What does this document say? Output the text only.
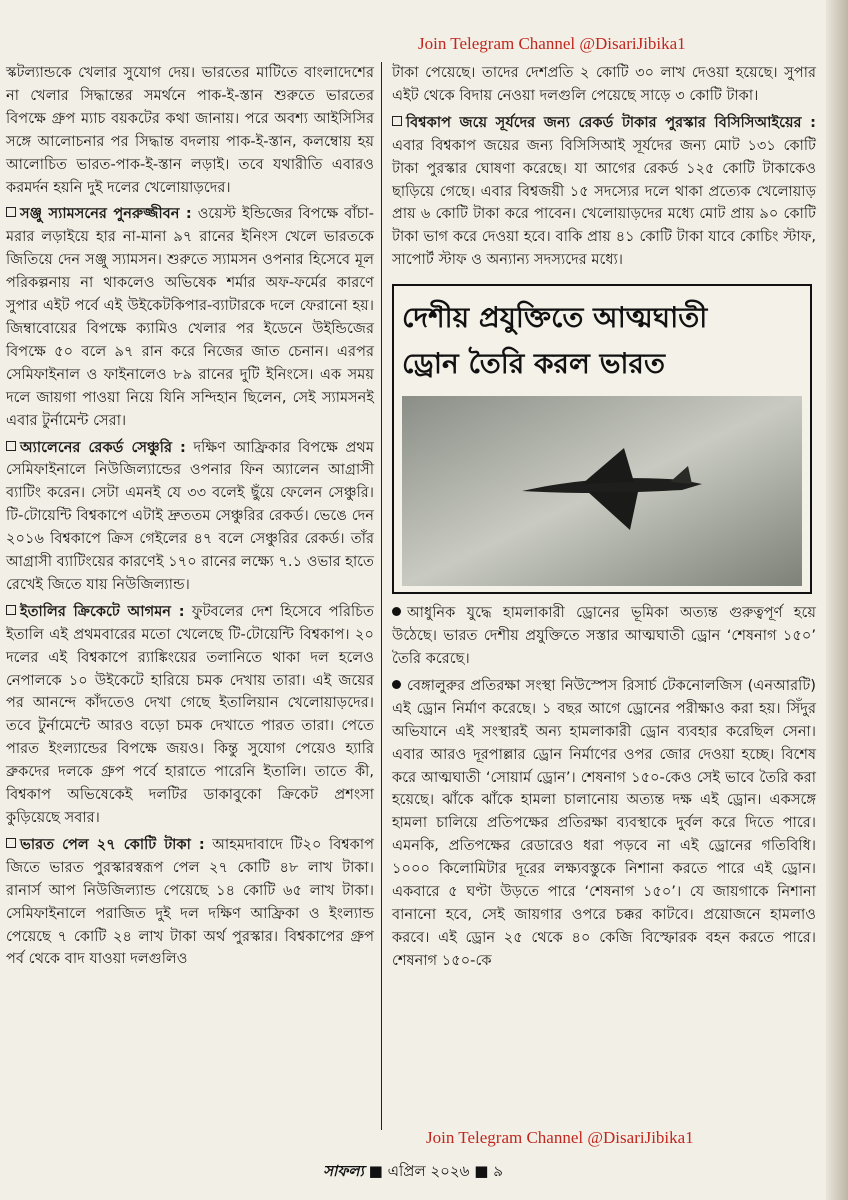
Join Telegram Channel @DisariJibika1

স্কটল্যান্ডকে খেলার সুযোগ দেয়। ভারতের মাটিতে বাংলাদেশের না খেলার সিদ্ধান্তের সমর্থনে পাক-ই-স্তান শুরুতে ভারতের বিপক্ষে গ্রুপ ম্যাচ বয়কটের কথা জানায়। পরে অবশ্য আইসিসির সঙ্গে আলোচনার পর সিদ্ধান্ত বদলায় পাক-ই-স্তান, কলম্বোয় হয় আলোচিত ভারত-পাক-ই-স্তান লড়াই। তবে যথারীতি এবারও করমর্দন হয়নি দুই দলের খেলোয়াড়দের।

সঞ্জু স্যামসনের পুনরুজ্জীবন : ওয়েস্ট ইন্ডিজের বিপক্ষে বাঁচা-মরার লড়াইয়ে হার না-মানা ৯৭ রানের ইনিংস খেলে ভারতকে জিতিয়ে দেন সঞ্জু স্যামসন। শুরুতে স্যামসন ওপনার হিসেবে মূল পরিকল্পনায় না থাকলেও অভিষেক শর্মার অফ-ফর্মের কারণে সুপার এইট পর্বে এই উইকেটকিপার-ব্যাটারকে দলে ফেরানো হয়। জিম্বাবোয়ের বিপক্ষে ক্যামিও খেলার পর ইডেনে উইন্ডিজের বিপক্ষে ৫০ বলে ৯৭ রান করে নিজের জাত চেনান। এরপর সেমিফাইনাল ও ফাইনালেও ৮৯ রানের দুটি ইনিংসে। এক সময় দলে জায়গা পাওয়া নিয়ে যিনি সন্দিহান ছিলেন, সেই স্যামসনই এবার টুর্নামেন্ট সেরা।

অ্যালেনের রেকর্ড সেঞ্চুরি : দক্ষিণ আফ্রিকার বিপক্ষে প্রথম সেমিফাইনালে নিউজিল্যান্ডের ওপনার ফিন অ্যালেন আগ্রাসী ব্যাটিং করেন। সেটা এমনই যে ৩৩ বলেই ছুঁয়ে ফেলেন সেঞ্চুরি। টি-টোয়েন্টি বিশ্বকাপে এটাই দ্রুততম সেঞ্চুরির রেকর্ড। ভেঙে দেন ২০১৬ বিশ্বকাপে ক্রিস গেইলের ৪৭ বলে সেঞ্চুরির রেকর্ড। তাঁর আগ্রাসী ব্যাটিংয়ের কারণেই ১৭০ রানের লক্ষ্যে ৭.১ ওভার হাতে রেখেই জিতে যায় নিউজিল্যান্ড।

ইতালির ক্রিকেটে আগমন : ফুটবলের দেশ হিসেবে পরিচিত ইতালি এই প্রথমবারের মতো খেলেছে টি-টোয়েন্টি বিশ্বকাপ। ২০ দলের এই বিশ্বকাপে র‍্যাঙ্কিংয়ের তলানিতে থাকা দল হলেও নেপালকে ১০ উইকেটে হারিয়ে চমক দেখায় তারা। এই জয়ের পর আনন্দে কাঁদতেও দেখা গেছে ইতালিয়ান খেলোয়াড়দের। তবে টুর্নামেন্টে আরও বড়ো চমক দেখাতে পারত তারা। পেতে পারত ইংল্যান্ডের বিপক্ষে জয়ও। কিন্তু সুযোগ পেয়েও হ্যারি ব্রুকদের দলকে গ্রুপ পর্বে হারাতে পারেনি ইতালি। তাতে কী, বিশ্বকাপ অভিষেকেই দলটির ডাকাবুকো ক্রিকেট প্রশংসা কুড়িয়েছে সবার।

ভারত পেল ২৭ কোটি টাকা : আহমদাবাদে টি২০ বিশ্বকাপ জিতে ভারত পুরস্কারস্বরূপ পেল ২৭ কোটি ৪৮ লাখ টাকা। রানার্স আপ নিউজিল্যান্ড পেয়েছে ১৪ কোটি ৬৫ লাখ টাকা। সেমিফাইনালে পরাজিত দুই দল দক্ষিণ আফ্রিকা ও ইংল্যান্ড পেয়েছে ৭ কোটি ২৪ লাখ টাকা অর্থ পুরস্কার। বিশ্বকাপের গ্রুপ পর্ব থেকে বাদ যাওয়া দলগুলিও

টাকা পেয়েছে। তাদের দেশপ্রতি ২ কোটি ৩০ লাখ দেওয়া হয়েছে। সুপার এইট থেকে বিদায় নেওয়া দলগুলি পেয়েছে সাড়ে ৩ কোটি টাকা।

বিশ্বকাপ জয়ে সূর্যদের জন্য রেকর্ড টাকার পুরস্কার বিসিসিআইয়ের : এবার বিশ্বকাপ জয়ের জন্য বিসিসিআই সূর্যদের জন্য মোট ১৩১ কোটি টাকা পুরস্কার ঘোষণা করেছে। যা আগের রেকর্ড ১২৫ কোটি টাকাকেও ছাড়িয়ে গেছে। এবার বিশ্বজয়ী ১৫ সদস্যের দলে থাকা প্রত্যেক খেলোয়াড় প্রায় ৬ কোটি টাকা করে পাবেন। খেলোয়াড়দের মধ্যে মোট প্রায় ৯০ কোটি টাকা ভাগ করে দেওয়া হবে। বাকি প্রায় ৪১ কোটি টাকা যাবে কোচিং স্টাফ, সাপোর্ট স্টাফ ও অন্যান্য সদস্যদের মধ্যে।

দেশীয় প্রযুক্তিতে আত্মঘাতী

ড্রোন তৈরি করল ভারত

আধুনিক যুদ্ধে হামলাকারী ড্রোনের ভূমিকা অত্যন্ত গুরুত্বপূর্ণ হয়ে উঠেছে। ভারত দেশীয় প্রযুক্তিতে সস্তার আত্মঘাতী ড্রোন ‘শেষনাগ ১৫০’ তৈরি করেছে।

বেঙ্গালুরুর প্রতিরক্ষা সংস্থা নিউস্পেস রিসার্চ টেকনোলজিস (এনআরটি) এই ড্রোন নির্মাণ করেছে। ১ বছর আগে ড্রোনের পরীক্ষাও করা হয়। সিঁদুর অভিযানে এই সংস্থারই অন্য হামলাকারী ড্রোন ব্যবহার করেছিল সেনা। এবার আরও দূরপাল্লার ড্রোন নির্মাণের ওপর জোর দেওয়া হচ্ছে। বিশেষ করে আত্মঘাতী ‘সোয়ার্ম ড্রোন’। শেষনাগ ১৫০-কেও সেই ভাবে তৈরি করা হয়েছে। ঝাঁকে ঝাঁকে হামলা চালানোয় অত্যন্ত দক্ষ এই ড্রোন। একসঙ্গে হামলা চালিয়ে প্রতিপক্ষের প্রতিরক্ষা ব্যবস্থাকে দুর্বল করে দিতে পারে। এমনকি, প্রতিপক্ষের রেডারেও ধরা পড়বে না এই ড্রোনের গতিবিধি। ১০০০ কিলোমিটার দূরের লক্ষ্যবস্তুকে নিশানা করতে পারে এই ড্রোন। একবারে ৫ ঘণ্টা উড়তে পারে ‘শেষনাগ ১৫০’। যে জায়গাকে নিশানা বানানো হবে, সেই জায়গার ওপরে চক্কর কাটবে। প্রয়োজনে হামলাও করবে। এই ড্রোন ২৫ থেকে ৪০ কেজি বিস্ফোরক বহন করতে পারে। শেষনাগ ১৫০-কে

Join Telegram Channel @DisariJibika1
সাফল্য ■ এপ্রিল ২০২৬ ■ ৯
